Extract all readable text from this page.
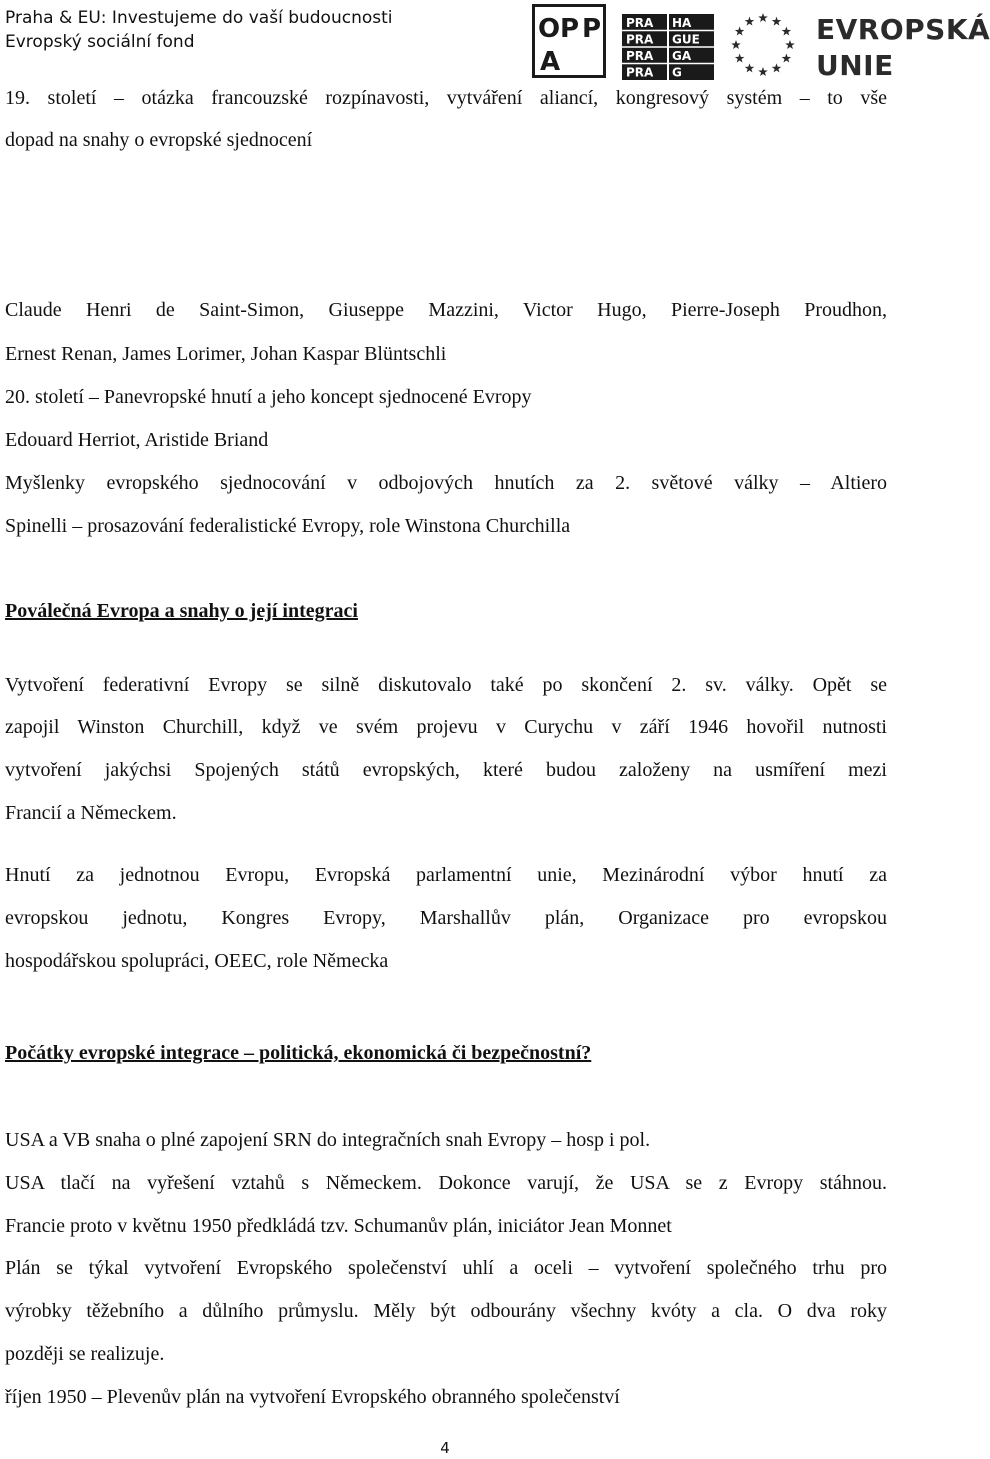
Praha & EU: Investujeme do vaší budoucnosti
Evropský sociální fond	O P P
A
PRA HA
PRA GUE
PRA GA
PRA G
EVROPSKÁ
UNIE
19. století – otázka francouzské rozpínavosti, vytváření aliancí, kongresový systém – to vše
dopad na snahy o evropské sjednocení
Claude Henri de Saint-Simon, Giuseppe Mazzini, Victor Hugo, Pierre-Joseph Proudhon,
Ernest Renan, James Lorimer, Johan Kaspar Blüntschli
20. století – Panevropské hnutí a jeho koncept sjednocené Evropy
Edouard Herriot, Aristide Briand
Myšlenky evropského sjednocování v odbojových hnutích za 2. světové války – Altiero
Spinelli – prosazování federalistické Evropy, role Winstona Churchilla
Poválečná Evropa a snahy o její integraci
Vytvoření federativní Evropy se silně diskutovalo také po skončení 2. sv. války. Opět se
zapojil Winston Churchill, když ve svém projevu v Curychu v září 1946 hovořil nutnosti
vytvoření jakýchsi Spojených států evropských, které budou založeny na usmíření mezi
Francií a Německem.
Hnutí za jednotnou Evropu, Evropská parlamentní unie, Mezinárodní výbor hnutí za
evropskou jednotu, Kongres Evropy, Marshallův plán, Organizace pro evropskou
hospodářskou spolupráci, OEEC, role Německa
Počátky evropské integrace – politická, ekonomická či bezpečnostní?
USA a VB snaha o plné zapojení SRN do integračních snah Evropy – hosp i pol.
USA tlačí na vyřešení vztahů s Německem. Dokonce varují, že USA se z Evropy stáhnou.
Francie proto v květnu 1950 předkládá tzv. Schumanův plán, iniciátor Jean Monnet
Plán se týkal vytvoření Evropského společenství uhlí a oceli – vytvoření společného trhu pro
výrobky těžebního a důlního průmyslu. Měly být odbourány všechny kvóty a cla. O dva roky
později se realizuje.
říjen 1950 – Plevenův plán na vytvoření Evropského obranného společenství
4
